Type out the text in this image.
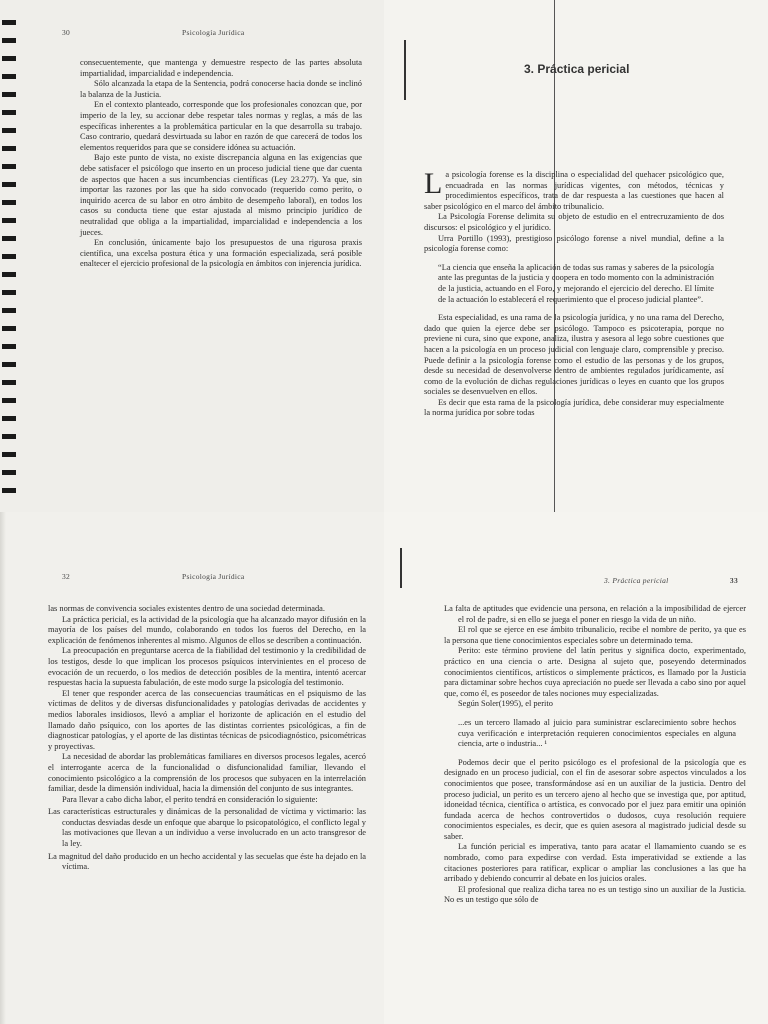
30	Psicología Jurídica

consecuentemente, que mantenga y demuestre respecto de las partes absoluta impartialidad, imparcialidad e independencia.

Sólo alcanzada la etapa de la Sentencia, podrá conocerse hacia donde se inclinó la balanza de la Justicia.

En el contexto planteado, corresponde que los profesionales conozcan que, por imperio de la ley, su accionar debe respetar tales normas y reglas, a más de las específicas inherentes a la problemática particular en la que desarrolla su trabajo. Caso contrario, quedará desvirtuada su labor en razón de que carecerá de todos los elementos requeridos para que se considere idónea su actuación.

Bajo este punto de vista, no existe discrepancia alguna en las exigencias que debe satisfacer el psicólogo que inserto en un proceso judicial tiene que dar cuenta de aspectos que hacen a sus incumbencias científicas (Ley 23.277). Ya que, sin importar las razones por las que ha sido convocado (requerido como perito, o inquirido acerca de su labor en otro ámbito de desempeño laboral), en todos los casos su conducta tiene que estar ajustada al mismo principio jurídico de neutralidad que obliga a la impartialidad, imparcialidad e independencia a los jueces.

En conclusión, únicamente bajo los presupuestos de una rigurosa praxis científica, una excelsa postura ética y una formación especializada, será posible enaltecer el ejercicio profesional de la psicología en ámbitos con injerencia jurídica.

3. Práctica pericial

La psicología forense es la disciplina o especialidad del quehacer psicológico que, encuadrada en las normas jurídicas vigentes, con métodos, técnicas y procedimientos específicos, trata de dar respuesta a las cuestiones que hacen al saber psicológico en el marco del ámbito tribunalicio.

La Psicología Forense delimita su objeto de estudio en el entrecruzamiento de dos discursos: el psicológico y el jurídico.

Urra Portillo (1993), prestigioso psicólogo forense a nivel mundial, define a la psicología forense como:

“La ciencia que enseña la aplicación de todas sus ramas y saberes de la psicología ante las preguntas de la justicia y coopera en todo momento con la administración de la justicia, actuando en el Foro, y mejorando el ejercicio del derecho. El límite de la actuación lo establecerá el requerimiento que el proceso judicial plantee”.

Esta especialidad, es una rama de la psicología jurídica, y no una rama del Derecho, dado que quien la ejerce debe ser psicólogo. Tampoco es psicoterapia, porque no previene ni cura, sino que expone, analiza, ilustra y asesora al lego sobre cuestiones que hacen a la psicología en un proceso judicial con lenguaje claro, comprensible y preciso. Puede definir a la psicología forense como el estudio de las personas y de los grupos, desde su necesidad de desenvolverse dentro de ambientes regulados jurídicamente, así como de la evolución de dichas regulaciones jurídicas o leyes en cuanto que los grupos sociales se desenvuelven en ellos.

Es decir que esta rama de la psicología jurídica, debe considerar muy especialmente la norma jurídica por sobre todas

32	Psicología Jurídica

las normas de convivencia sociales existentes dentro de una sociedad determinada.

La práctica pericial, es la actividad de la psicología que ha alcanzado mayor difusión en la mayoría de los países del mundo, colaborando en todos los fueros del Derecho, en la explicación de fenómenos inherentes al mismo. Algunos de ellos se describen a continuación.

La preocupación en preguntarse acerca de la fiabilidad del testimonio y la credibilidad de los testigos, desde lo que implican los procesos psíquicos intervinientes en el proceso de evocación de un recuerdo, o los medios de detección posibles de la mentira, intentó acercar respuestas hacia la supuesta fabulación, de este modo surge la psicología del testimonio.

El tener que responder acerca de las consecuencias traumáticas en el psiquismo de las víctimas de delitos y de diversas disfuncionalidades y patologías derivadas de accidentes y medios laborales insidiosos, llevó a ampliar el horizonte de aplicación en el estudio del llamado daño psíquico, con los aportes de las distintas corrientes psicológicas, a fin de diagnosticar patologías, y el aporte de las distintas técnicas de psicodiagnóstico, psicométricas y proyectivas.

La necesidad de abordar las problemáticas familiares en diversos procesos legales, acercó el interrogante acerca de la funcionalidad o disfuncionalidad familiar, llevando el conocimiento psicológico a la comprensión de los procesos que subyacen en la interrelación familiar, desde la dimensión individual, hacia la dimensión del conjunto de sus integrantes.

Para llevar a cabo dicha labor, el perito tendrá en consideración lo siguiente:

Las características estructurales y dinámicas de la personalidad de víctima y victimario: las conductas desviadas desde un enfoque que abarque lo psicopatológico, el conflicto legal y las motivaciones que llevan a un individuo a verse involucrado en un acto transgresor de la ley.

La magnitud del daño producido en un hecho accidental y las secuelas que éste ha dejado en la víctima.

3. Práctica pericial	33

La falta de aptitudes que evidencie una persona, en relación a la imposibilidad de ejercer el rol de padre, si en ello se juega el poner en riesgo la vida de un niño.

El rol que se ejerce en ese ámbito tribunalicio, recibe el nombre de perito, ya que es la persona que tiene conocimientos especiales sobre un determinado tema.

Perito: este término proviene del latín peritus y significa docto, experimentado, práctico en una ciencia o arte. Designa al sujeto que, poseyendo determinados conocimientos científicos, artísticos o simplemente prácticos, es llamado por la Justicia para dictaminar sobre hechos cuya apreciación no puede ser llevada a cabo sino por aquel que, como él, es poseedor de tales nociones muy especializadas.

Según Soler(1995), el perito

...es un tercero llamado al juicio para suministrar esclarecimiento sobre hechos cuya verificación e interpretación requieren conocimientos especiales en alguna ciencia, arte o industria... ¹

Podemos decir que el perito psicólogo es el profesional de la psicología que es designado en un proceso judicial, con el fin de asesorar sobre aspectos vinculados a los conocimientos que posee, transformándose así en un auxiliar de la justicia. Dentro del proceso judicial, un perito es un tercero ajeno al hecho que se investiga que, por aptitud, idoneidad técnica, científica o artística, es convocado por el juez para emitir una opinión fundada acerca de hechos controvertidos o dudosos, cuya resolución requiere conocimientos especiales, es decir, que es quien asesora al magistrado judicial desde su saber.

La función pericial es imperativa, tanto para acatar el llamamiento cuando se es nombrado, como para expedirse con verdad. Esta imperatividad se extiende a las citaciones posteriores para ratificar, explicar o ampliar las conclusiones a las que ha arribado y debiendo concurrir al debate en los juicios orales.

El profesional que realiza dicha tarea no es un testigo sino un auxiliar de la Justicia. No es un testigo que sólo de
